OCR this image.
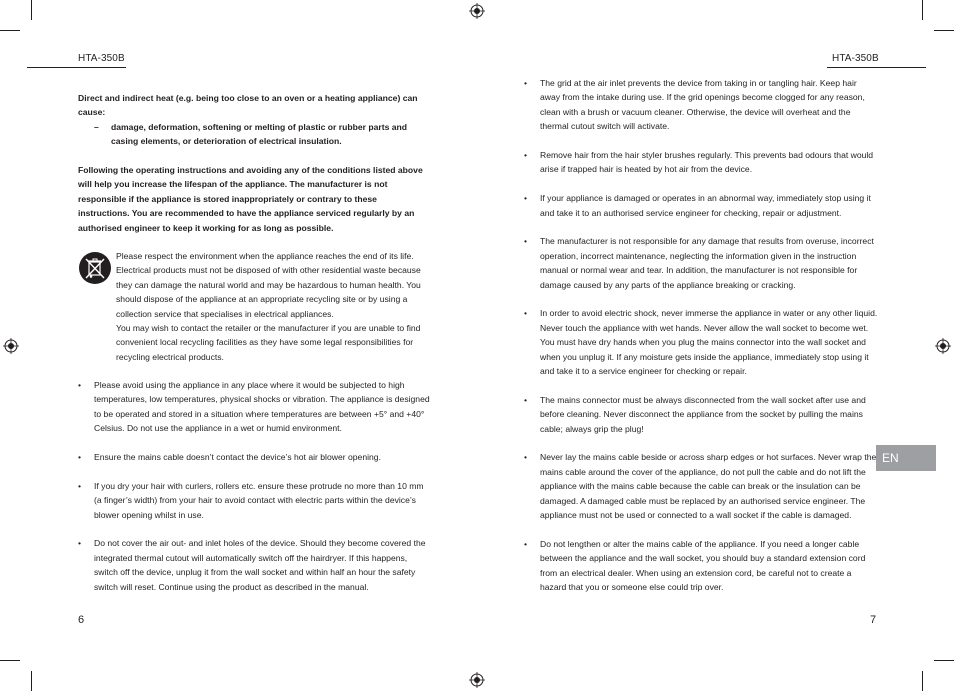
HTA-350B
Direct and indirect heat (e.g. being too close to an oven or a heating appliance) can cause:
– damage, deformation, softening or melting of plastic or rubber parts and casing elements, or deterioration of electrical insulation.
Following the operating instructions and avoiding any of the conditions listed above will help you increase the lifespan of the appliance. The manufacturer is not responsible if the appliance is stored inappropriately or contrary to these instructions. You are recommended to have the appliance serviced regularly by an authorised engineer to keep it working for as long as possible.
Please respect the environment when the appliance reaches the end of its life. Electrical products must not be disposed of with other residential waste because they can damage the natural world and may be hazardous to human health. You should dispose of the appliance at an appropriate recycling site or by using a collection service that specialises in electrical appliances.
You may wish to contact the retailer or the manufacturer if you are unable to find convenient local recycling facilities as they have some legal responsibilities for recycling electrical products.
• Please avoid using the appliance in any place where it would be subjected to high temperatures, low temperatures, physical shocks or vibration. The appliance is designed to be operated and stored in a situation where temperatures are between +5° and +40° Celsius. Do not use the appliance in a wet or humid environment.
• Ensure the mains cable doesn’t contact the device’s hot air blower opening.
• If you dry your hair with curlers, rollers etc. ensure these protrude no more than 10 mm (a finger’s width) from your hair to avoid contact with electric parts within the device’s blower opening whilst in use.
• Do not cover the air out- and inlet holes of the device. Should they become covered the integrated thermal cutout will automatically switch off the hairdryer. If this happens, switch off the device, unplug it from the wall socket and within half an hour the safety switch will reset. Continue using the product as described in the manual.
6
HTA-350B
• The grid at the air inlet prevents the device from taking in or tangling hair. Keep hair away from the intake during use. If the grid openings become clogged for any reason, clean with a brush or vacuum cleaner. Otherwise, the device will overheat and the thermal cutout switch will activate.
• Remove hair from the hair styler brushes regularly. This prevents bad odours that would arise if trapped hair is heated by hot air from the device.
• If your appliance is damaged or operates in an abnormal way, immediately stop using it and take it to an authorised service engineer for checking, repair or adjustment.
• The manufacturer is not responsible for any damage that results from overuse, incorrect operation, incorrect maintenance, neglecting the information given in the instruction manual or normal wear and tear. In addition, the manufacturer is not responsible for damage caused by any parts of the appliance breaking or cracking.
• In order to avoid electric shock, never immerse the appliance in water or any other liquid. Never touch the appliance with wet hands. Never allow the wall socket to become wet. You must have dry hands when you plug the mains connector into the wall socket and when you unplug it. If any moisture gets inside the appliance, immediately stop using it and take it to a service engineer for checking or repair.
• The mains connector must be always disconnected from the wall socket after use and before cleaning. Never disconnect the appliance from the socket by pulling the mains cable; always grip the plug!
• Never lay the mains cable beside or across sharp edges or hot surfaces. Never wrap the mains cable around the cover of the appliance, do not pull the cable and do not lift the appliance with the mains cable because the cable can break or the insulation can be damaged. A damaged cable must be replaced by an authorised service engineer. The appliance must not be used or connected to a wall socket if the cable is damaged.
• Do not lengthen or alter the mains cable of the appliance. If you need a longer cable between the appliance and the wall socket, you should buy a standard extension cord from an electrical dealer. When using an extension cord, be careful not to create a hazard that you or someone else could trip over.
7
EN
